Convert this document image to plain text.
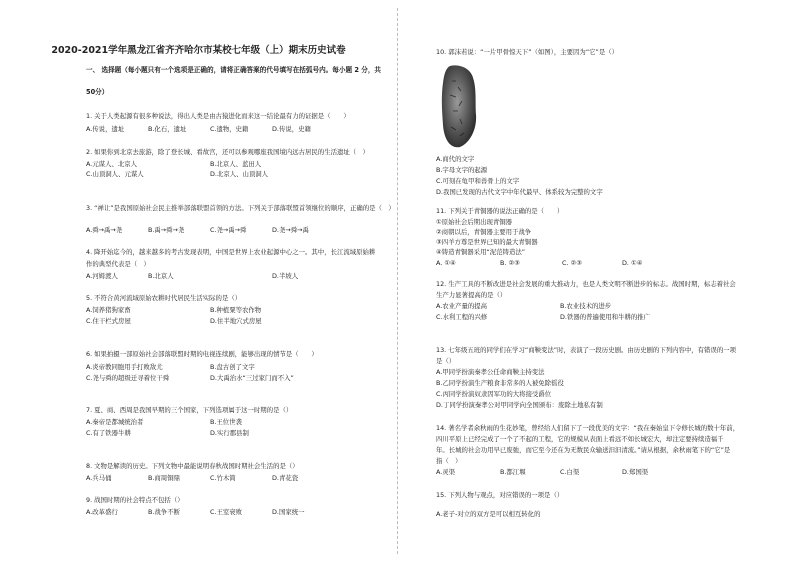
2020-2021学年黑龙江省齐齐哈尔市某校七年级（上）期末历史试卷
一、 选择题（每小题只有一个选项是正确的，请将正确答案的代号填写在括弧号内。每小题 2 分，共
50分）
1. 关于人类起源有很多种说法，得出人类是由古猿进化而来这一结论最有力的证据是（　　）
A.传说，遗址	B.化石，遗址	C.遗物，史籍	D.传说，史籍
2. 如果你到北京去旅游，除了登长城、看故宫，还可以参观哪座我国境内远古居民的生活遗址（　）
A.元谋人、北京人	B.北京人、蓝田人
C.山顶洞人、元谋人	D.北京人、山顶洞人
3. “禅让”是我国原始社会民主推举部落联盟首领的方法。下列关于部落联盟首领继位的顺序，正确的是（　）
A.舜→禹→尧	B.禹→舜→尧	C.尧→禹→舜	D.尧→舜→禹
4. 降开始迄今的，越来越多的考古发现表明，中国是世界上农业起源中心之一。其中，长江流域原始耕
作的典型代表是（　）
A.河姆渡人	B.北京人	D.半坡人
5. 不符合黄河流域原始农耕时代居民生活实际的是（）
A.饲养猪狗家畜	B.种植粟等农作物
C.住干栏式房屋	D.住半地穴式房屋
6. 如果拍摄一部原始社会部落联盟时期的电视连续剧，能够出现的情节是（　　）
A.炎帝教同胞用手打败敌尤	B.盘古创了文字
C.尧与舜的超级迁寻着位干舜	D.大禹治水“三过家门而不入”
7. 夏、商、西周是我国早期的三个国家，下列选项属于这一时期的是（）
A.秦帝是都城统治者	B.王位世袭
C.有了铁器牛耕	D.实行郡县制
8. 文物是解读的历史。下列文物中最能说明春秋战国时期社会生活的是（）
A.兵马俑	B.商周铜鼎	C.竹木简	D.青花瓷
9. 战国时期的社会特点不包括（）
A.改革盛行	B.战争不断	C.王室衰败	D.国家统一
10. 郭沫若说：“一片甲骨惊天下”（如图），主要因为“它”是（）
A.商代的文字
B.字母文字的起源
C.可刻在龟甲和兽骨上的文字
D.我国已发现的古代文字中年代最早、体系较为完整的文字
11. 下列关于青铜器的说法正确的是（　　）
①原始社会后期出现青铜器
②商朝以后，青铜器主要用于战争
③四羊方尊是世界已知的最大青铜器
④铸造青铜器采用“泥范铸造法”
A. ①④	B. ②③	C. ②③	D. ①④
12. 生产工具的不断改进是社会发展的重大推动力，也是人类文明不断进步的标志。战国时期，标志着社会
生产力显著提高的是（）
A.农业产量的提高	B.农业技术的进步
C.水利工程的兴修	D.铁器的普遍使用和牛耕的推广
13. 七年级五班的同学们在学习“商鞅变法”时，表演了一段历史剧。由历史剧的下列内容中，有错误的一项
是（）
A.甲同学扮演秦孝公任命商鞅主持变法
B.乙同学扮演生产粮食非常多的人被免除徭役
C.丙同学扮演奴隶因军功的大将接受爵位
D.丁同学扮演秦孝公对甲同学向全国颁布：废除土地私有制
14. 著名学者余秋雨的生花妙笔，曾经给人们留下了一段优美的文字：“我在秦始皇下令修长城的数十年前，
四川平原上已经完成了一个了不起的工程，它的规模从表面上看远不如长城宏大，却注定要持续造福千
年。长城的社会功用早已废弛，而它至今还在为无数民众输送汩汩清流。”请从根据，余秋雨笔下的“它”是
指（　）
A.灵渠	B.都江堰	C.白渠	D.郑国渠
15. 下列人物与观点，对应错误的一项是（）
A.老子-对立的双方是可以相互转化的
